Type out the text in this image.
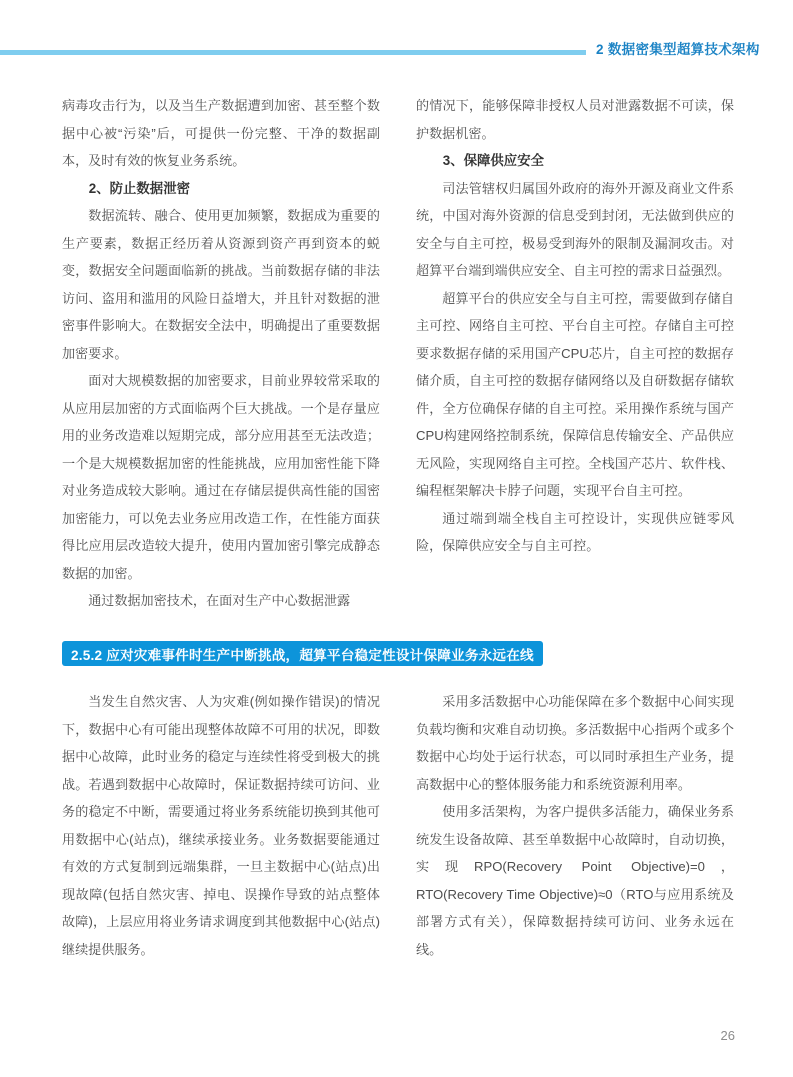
2 数据密集型超算技术架构

病毒攻击行为，以及当生产数据遭到加密、甚至整个数据中心被“污染”后，可提供一份完整、干净的数据副本，及时有效的恢复业务系统。

2、防止数据泄密

数据流转、融合、使用更加频繁，数据成为重要的生产要素，数据正经历着从资源到资产再到资本的蜕变，数据安全问题面临新的挑战。当前数据存储的非法访问、盗用和滥用的风险日益增大，并且针对数据的泄密事件影响大。在数据安全法中，明确提出了重要数据加密要求。

面对大规模数据的加密要求，目前业界较常采取的从应用层加密的方式面临两个巨大挑战。一个是存量应用的业务改造难以短期完成，部分应用甚至无法改造；一个是大规模数据加密的性能挑战，应用加密性能下降对业务造成较大影响。通过在存储层提供高性能的国密加密能力，可以免去业务应用改造工作，在性能方面获得比应用层改造较大提升，使用内置加密引擎完成静态数据的加密。

通过数据加密技术，在面对生产中心数据泄露

的情况下，能够保障非授权人员对泄露数据不可读，保护数据机密。

3、保障供应安全

司法管辖权归属国外政府的海外开源及商业文件系统，中国对海外资源的信息受到封闭，无法做到供应的安全与自主可控，极易受到海外的限制及漏洞攻击。对超算平台端到端供应安全、自主可控的需求日益强烈。

超算平台的供应安全与自主可控，需要做到存储自主可控、网络自主可控、平台自主可控。存储自主可控要求数据存储的采用国产CPU芯片，自主可控的数据存储介质，自主可控的数据存储网络以及自研数据存储软件，全方位确保存储的自主可控。采用操作系统与国产CPU构建网络控制系统，保障信息传输安全、产品供应无风险，实现网络自主可控。全栈国产芯片、软件栈、编程框架解决卡脖子问题，实现平台自主可控。

通过端到端全栈自主可控设计，实现供应链零风险，保障供应安全与自主可控。

2.5.2 应对灾难事件时生产中断挑战，超算平台稳定性设计保障业务永远在线

当发生自然灾害、人为灾难(例如操作错误)的情况下，数据中心有可能出现整体故障不可用的状况，即数据中心故障，此时业务的稳定与连续性将受到极大的挑战。若遇到数据中心故障时，保证数据持续可访问、业务的稳定不中断，需要通过将业务系统能切换到其他可用数据中心(站点)，继续承接业务。业务数据要能通过有效的方式复制到远端集群，一旦主数据中心(站点)出现故障(包括自然灾害、掉电、误操作导致的站点整体故障)，上层应用将业务请求调度到其他数据中心(站点)继续提供服务。

采用多活数据中心功能保障在多个数据中心间实现负载均衡和灾难自动切换。多活数据中心指两个或多个数据中心均处于运行状态，可以同时承担生产业务，提高数据中心的整体服务能力和系统资源利用率。

使用多活架构，为客户提供多活能力，确保业务系统发生设备故障、甚至单数据中心故障时，自动切换，实现RPO(Recovery Point Objective)=0，RTO(Recovery Time Objective)≈0（RTO与应用系统及部署方式有关），保障数据持续可访问、业务永远在线。

26
